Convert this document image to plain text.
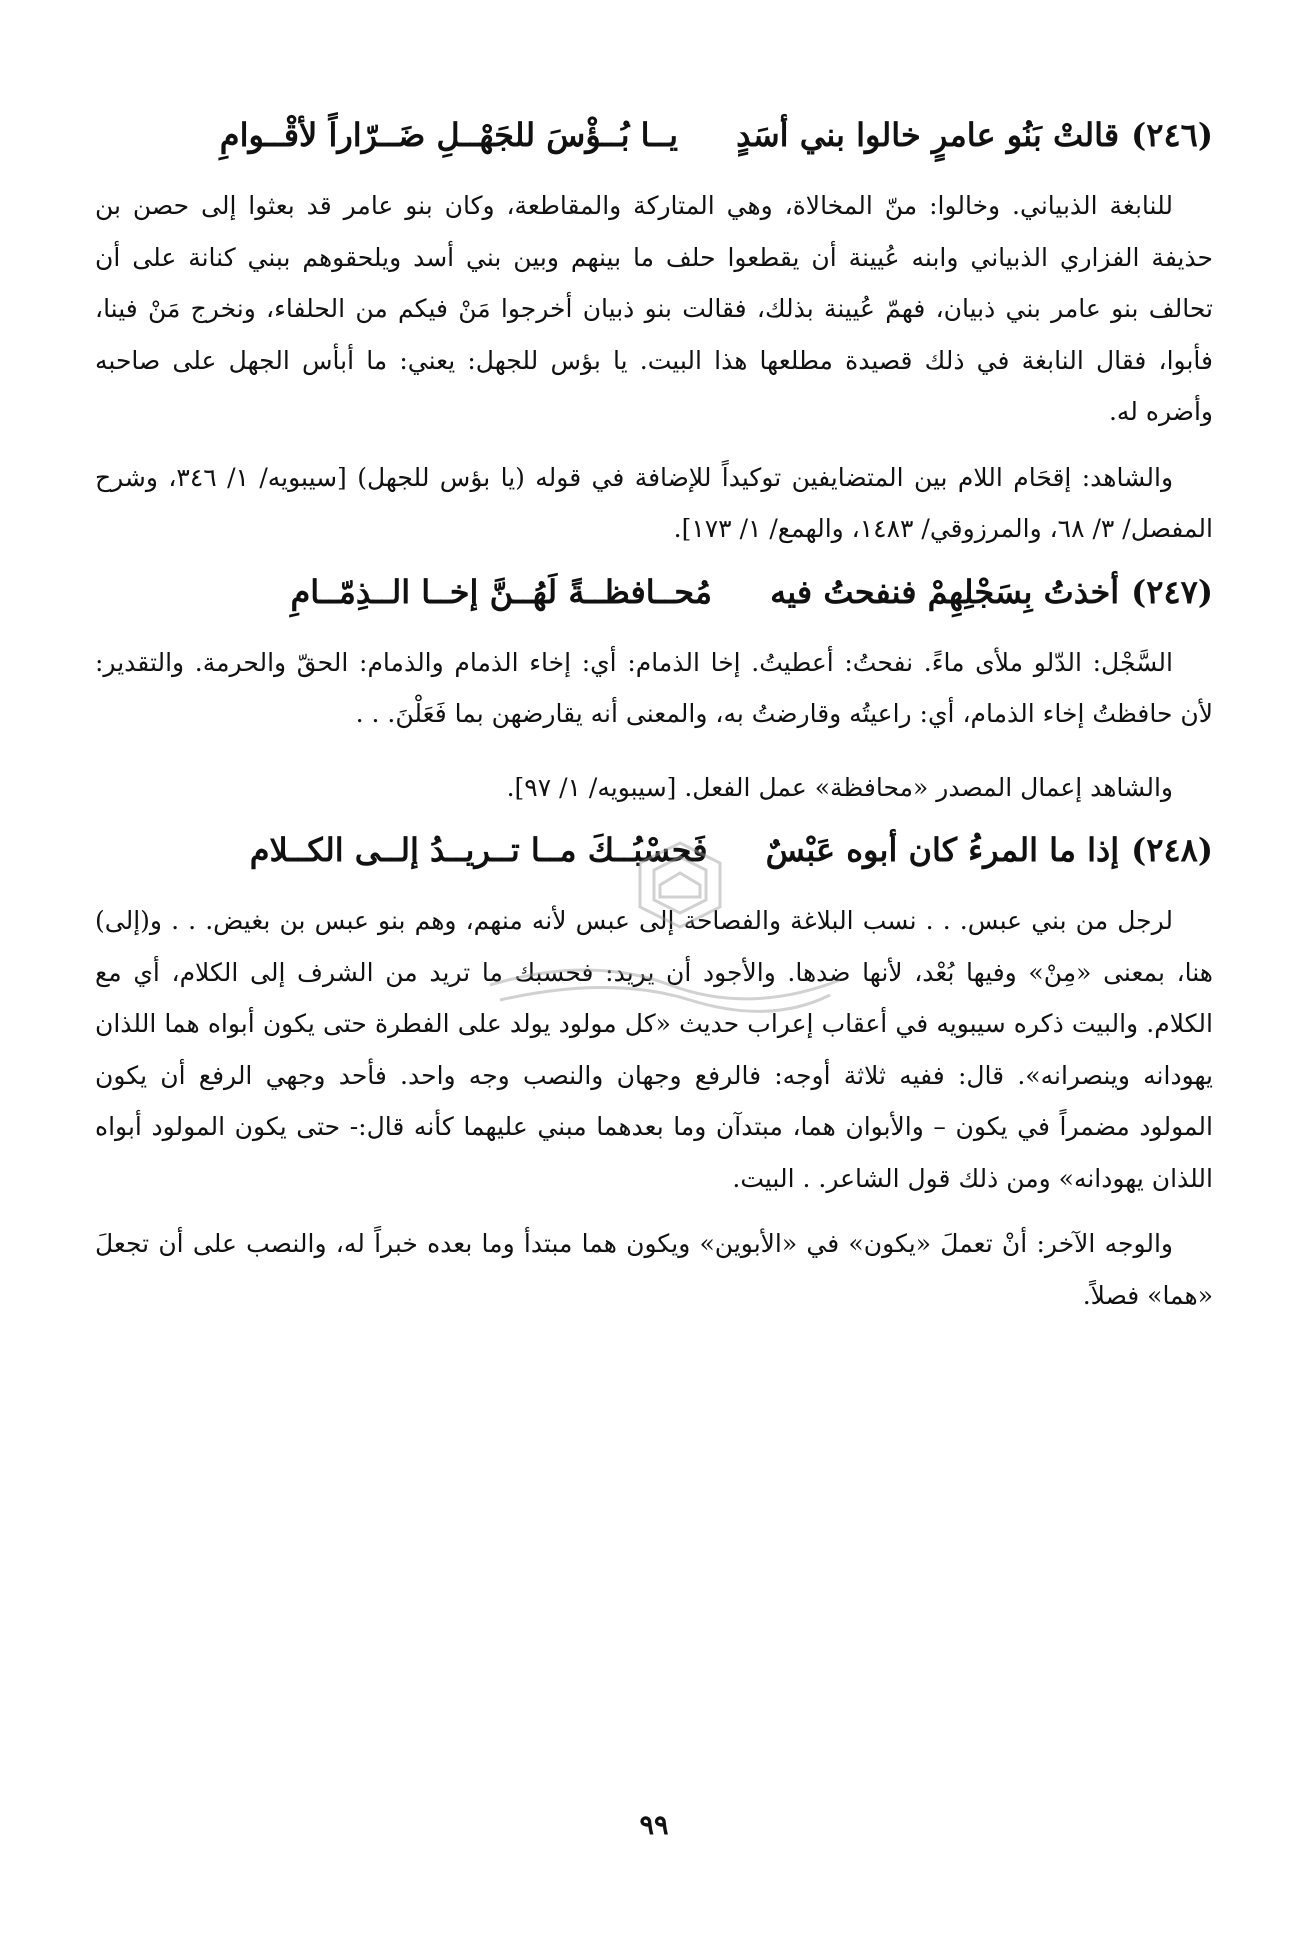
(٢٤٦)
قالتْ بَنُو عامرٍ خالوا بني أسَدٍ
يــا بُــؤْسَ للجَهْــلِ ضَــرّاراً لأقْــوامِ

للنابغة الذبياني. وخالوا: منّ المخالاة، وهي المتاركة والمقاطعة، وكان بنو عامر قد بعثوا إلى حصن بن حذيفة الفزاري الذبياني وابنه عُيينة أن يقطعوا حلف ما بينهم وبين بني أسد ويلحقوهم ببني كنانة على أن تحالف بنو عامر بني ذبيان، فهمّ عُيينة بذلك، فقالت بنو ذبيان أخرجوا مَنْ فيكم من الحلفاء، ونخرج مَنْ فينا، فأبوا، فقال النابغة في ذلك قصيدة مطلعها هذا البيت. يا بؤس للجهل: يعني: ما أبأس الجهل على صاحبه وأضره له.

والشاهد: إقحَام اللام بين المتضايفين توكيداً للإضافة في قوله (يا بؤس للجهل) [سيبويه/ ١/ ٣٤٦، وشرح المفصل/ ٣/ ٦٨، والمرزوقي/ ١٤٨٣، والهمع/ ١/ ١٧٣].

(٢٤٧)
أخذتُ بِسَجْلِهِمْ فنفحتُ فيه
مُحــافظــةً لَهُــنَّ إخــا الــذِمّــامِ

السَّجْل: الدّلو ملأى ماءً. نفحتُ: أعطيتُ. إخا الذمام: أي: إخاء الذمام والذمام: الحقّ والحرمة. والتقدير: لأن حافظتُ إخاء الذمام، أي: راعيتُه وقارضتُ به، والمعنى أنه يقارضهن بما فَعَلْنَ. . .

والشاهد إعمال المصدر «محافظة» عمل الفعل. [سيبويه/ ١/ ٩٧].

(٢٤٨)
إذا ما المرءُ كان أبوه عَبْسٌ
فَحسْبُــكَ مــا تــريــدُ إلــى الكــلام

لرجل من بني عبس. . . نسب البلاغة والفصاحة إلى عبس لأنه منهم، وهم بنو عبس بن بغيض. . . و(إلى) هنا، بمعنى «مِنْ» وفيها بُعْد، لأنها ضدها. والأجود أن يريد: فحسبك ما تريد من الشرف إلى الكلام، أي مع الكلام. والبيت ذكره سيبويه في أعقاب إعراب حديث «كل مولود يولد على الفطرة حتى يكون أبواه هما اللذان يهودانه وينصرانه». قال: ففيه ثلاثة أوجه: فالرفع وجهان والنصب وجه واحد. فأحد وجهي الرفع أن يكون المولود مضمراً في يكون – والأبوان هما، مبتدآن وما بعدهما مبني عليهما كأنه قال:- حتى يكون المولود أبواه اللذان يهودانه» ومن ذلك قول الشاعر. . البيت.

والوجه الآخر: أنْ تعملَ «يكون» في «الأبوين» ويكون هما مبتدأ وما بعده خبراً له، والنصب على أن تجعلَ «هما» فصلاً.

٩٩
